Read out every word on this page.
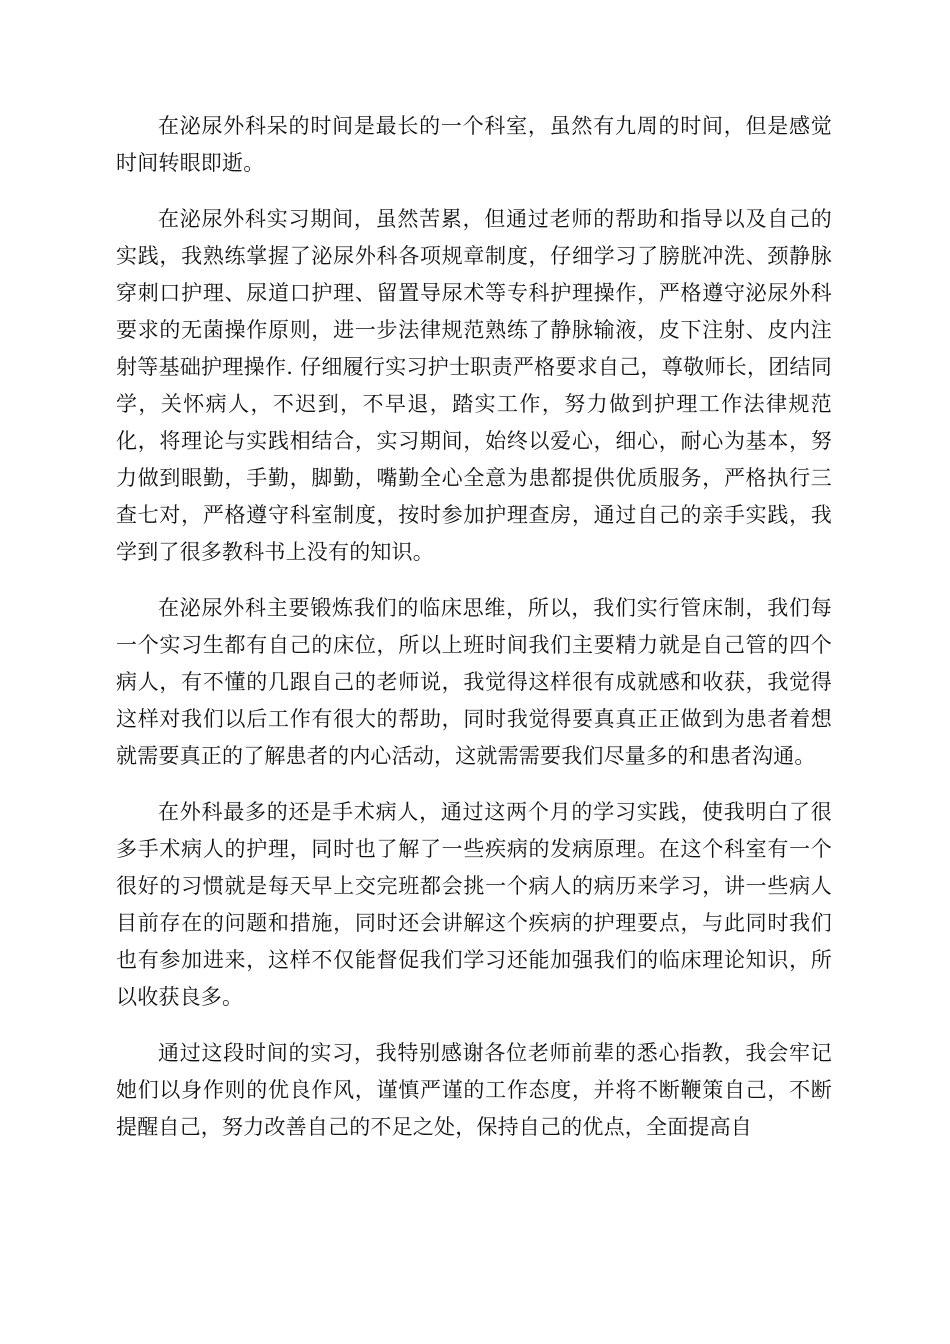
在泌尿外科呆的时间是最长的一个科室，虽然有九周的时间，但是感觉时间转眼即逝。

在泌尿外科实习期间，虽然苦累，但通过老师的帮助和指导以及自己的实践，我熟练掌握了泌尿外科各项规章制度，仔细学习了膀胱冲洗、颈静脉穿刺口护理、尿道口护理、留置导尿术等专科护理操作，严格遵守泌尿外科要求的无菌操作原则，进一步法律规范熟练了静脉输液，皮下注射、皮内注射等基础护理操作. 仔细履行实习护士职责严格要求自己，尊敬师长，团结同学，关怀病人，不迟到，不早退，踏实工作，努力做到护理工作法律规范化，将理论与实践相结合，实习期间，始终以爱心，细心，耐心为基本，努力做到眼勤，手勤，脚勤，嘴勤全心全意为患都提供优质服务，严格执行三查七对，严格遵守科室制度，按时参加护理查房，通过自己的亲手实践，我学到了很多教科书上没有的知识。

在泌尿外科主要锻炼我们的临床思维，所以，我们实行管床制，我们每一个实习生都有自己的床位，所以上班时间我们主要精力就是自己管的四个病人，有不懂的几跟自己的老师说，我觉得这样很有成就感和收获，我觉得这样对我们以后工作有很大的帮助，同时我觉得要真真正正做到为患者着想就需要真正的了解患者的内心活动，这就需需要我们尽量多的和患者沟通。

在外科最多的还是手术病人，通过这两个月的学习实践，使我明白了很多手术病人的护理，同时也了解了一些疾病的发病原理。在这个科室有一个很好的习惯就是每天早上交完班都会挑一个病人的病历来学习，讲一些病人目前存在的问题和措施，同时还会讲解这个疾病的护理要点，与此同时我们也有参加进来，这样不仅能督促我们学习还能加强我们的临床理论知识，所以收获良多。

通过这段时间的实习，我特别感谢各位老师前辈的悉心指教，我会牢记她们以身作则的优良作风，谨慎严谨的工作态度，并将不断鞭策自己，不断提醒自己，努力改善自己的不足之处，保持自己的优点，全面提高自
